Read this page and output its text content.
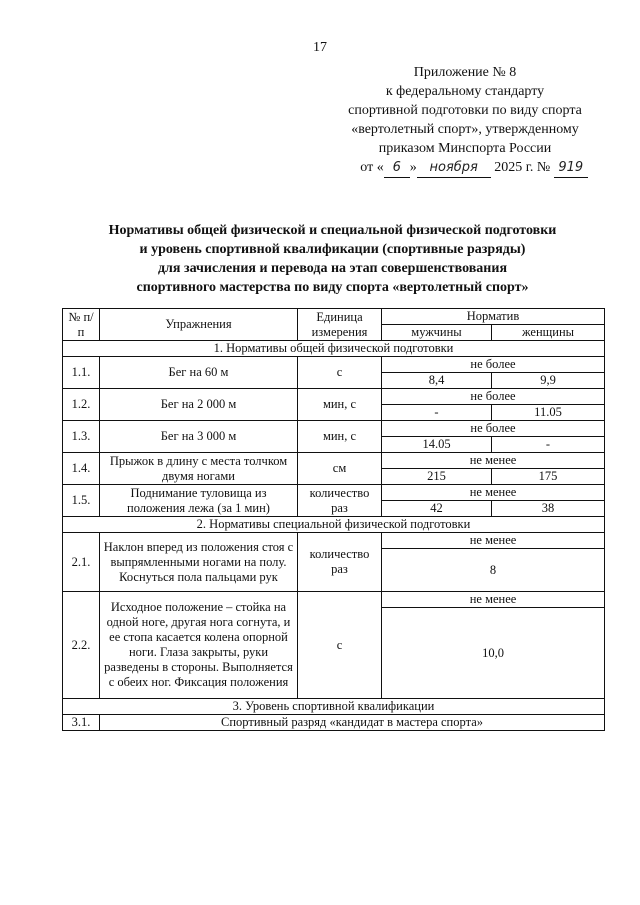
17
Приложение № 8
к федеральному стандарту
спортивной подготовки по виду спорта
«вертолетный спорт», утвержденному
приказом Минспорта России
от « 6 » ноября 2025 г. № 919
Нормативы общей физической и специальной физической подготовки
и уровень спортивной квалификации (спортивные разряды)
для зачисления и перевода на этап совершенствования
спортивного мастерства по виду спорта «вертолетный спорт»
№ п/п	Упражнения	Единица измерения	Норматив	
			мужчины	женщины
1. Нормативы общей физической подготовки				
1.1.	Бег на 60 м	с	не более	
			8,4	9,9
1.2.	Бег на 2 000 м	мин, с	не более	
			-	11.05
1.3.	Бег на 3 000 м	мин, с	не более	
			14.05	-
1.4.	Прыжок в длину с места толчком двумя ногами	см	не менее	
			215	175
1.5.	Поднимание туловища из положения лежа (за 1 мин)	количество раз	не менее	
			42	38
2. Нормативы специальной физической подготовки				
2.1.	Наклон вперед из положения стоя с выпрямленными ногами на полу. Коснуться пола пальцами рук	количество раз	не менее	
			8	
2.2.	Исходное положение – стойка на одной ноге, другая нога согнута, и ее стопа касается колена опорной ноги. Глаза закрыты, руки разведены в стороны. Выполняется с обеих ног. Фиксация положения	с	не менее	
			10,0	
3. Уровень спортивной квалификации				
3.1.	Спортивный разряд «кандидат в мастера спорта»			
